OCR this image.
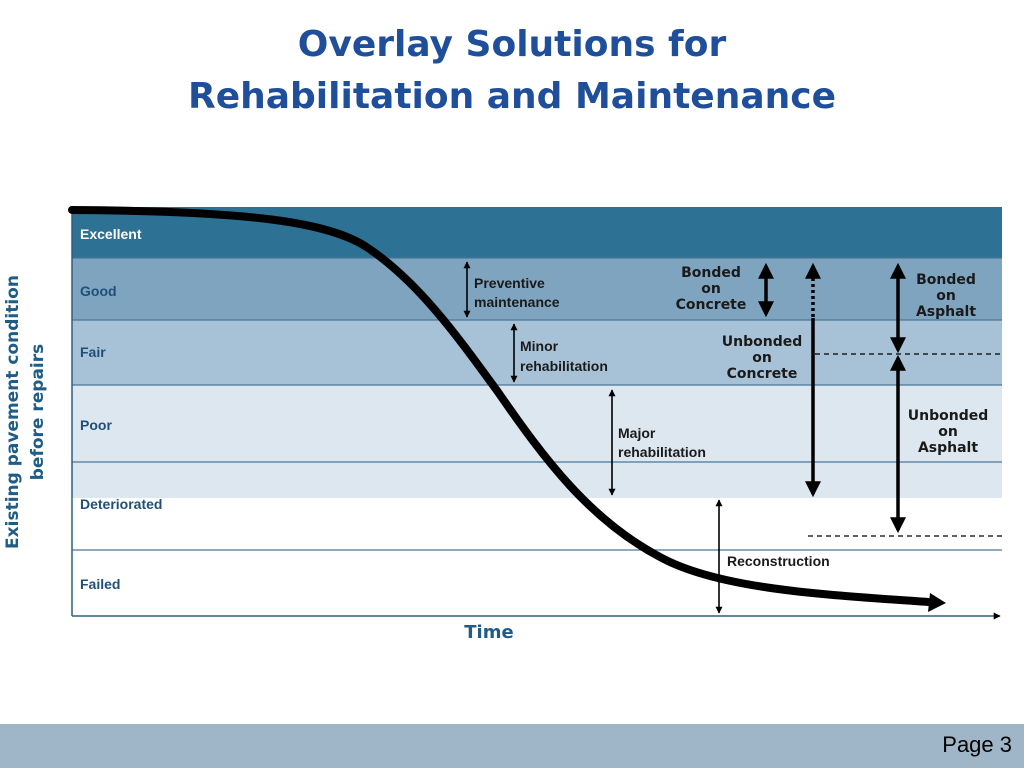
Overlay Solutions for
Rehabilitation and Maintenance
Excellent
Good
Fair
Poor
Deteriorated
Failed
Existing pavement condition before repairs
Time
Preventive
maintenance
Minor
rehabilitation
Major
rehabilitation
Reconstruction
Bonded
on
Concrete
Unbonded
on
Concrete
Bonded
on
Asphalt
Unbonded
on
Asphalt
Page 3
